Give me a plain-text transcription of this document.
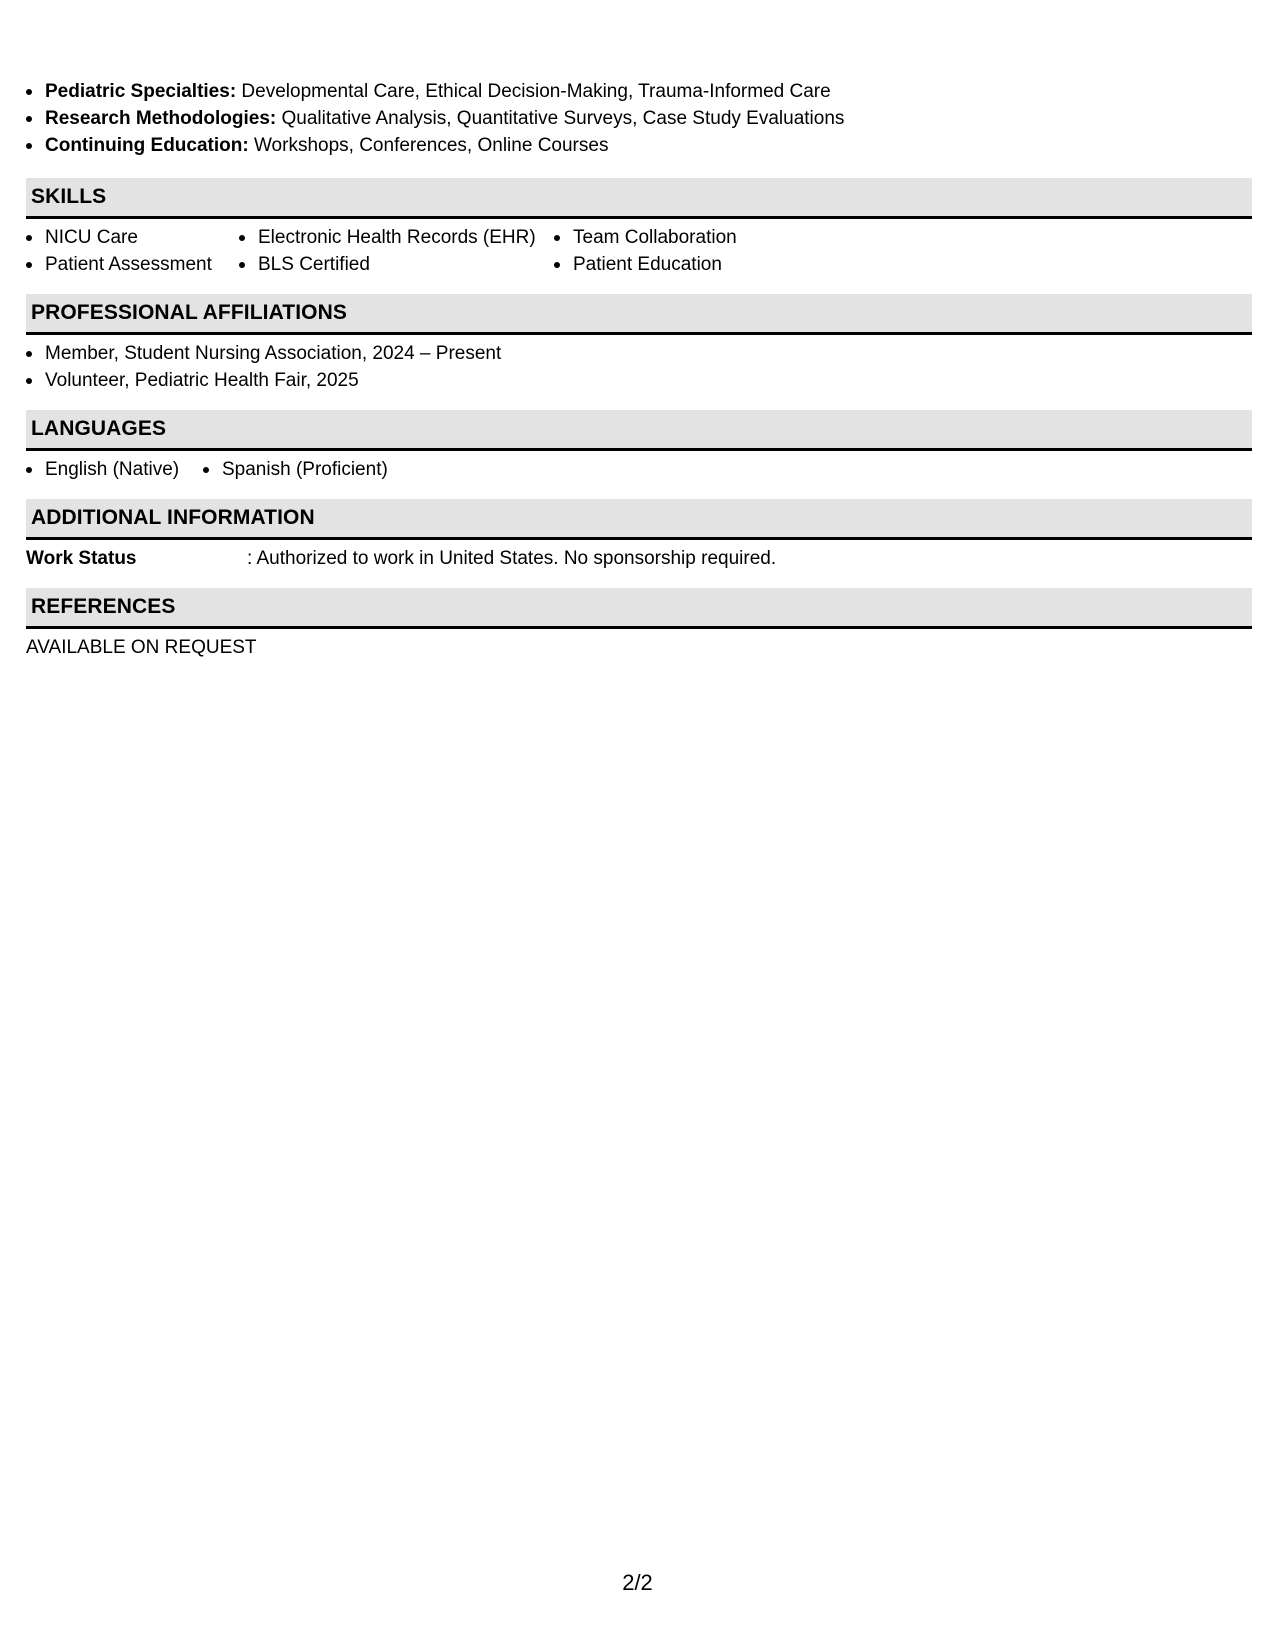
Pediatric Specialties: Developmental Care, Ethical Decision-Making, Trauma-Informed Care
Research Methodologies: Qualitative Analysis, Quantitative Surveys, Case Study Evaluations
Continuing Education: Workshops, Conferences, Online Courses
SKILLS
NICU Care
Patient Assessment
Electronic Health Records (EHR)
BLS Certified
Team Collaboration
Patient Education
PROFESSIONAL AFFILIATIONS
Member, Student Nursing Association, 2024 – Present
Volunteer, Pediatric Health Fair, 2025
LANGUAGES
English (Native)	Spanish (Proficient)
ADDITIONAL INFORMATION
Work Status	: Authorized to work in United States. No sponsorship required.
REFERENCES
AVAILABLE ON REQUEST
2/2
